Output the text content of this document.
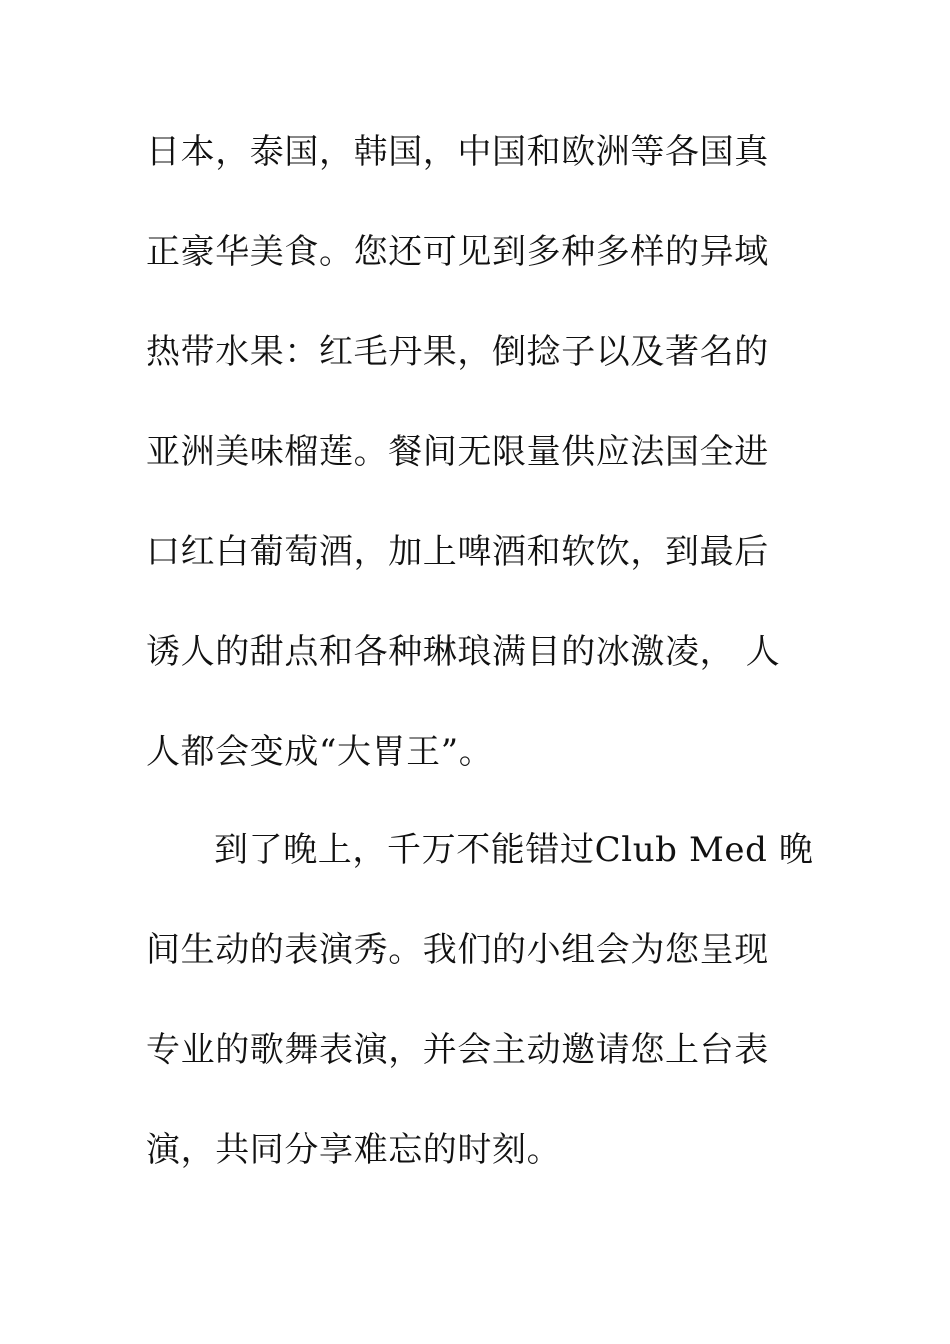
日本，泰国，韩国，中国和欧洲等各国真
正豪华美食。您还可见到多种多样的异域
热带水果：红毛丹果，倒捻子以及著名的
亚洲美味榴莲。餐间无限量供应法国全进
口红白葡萄酒，加上啤酒和软饮，到最后
诱人的甜点和各种琳琅满目的冰激凌， 人
人都会变成“大胃王”。
到了晚上，千万不能错过Club Med 晚
间生动的表演秀。我们的小组会为您呈现
专业的歌舞表演，并会主动邀请您上台表
演，共同分享难忘的时刻。
